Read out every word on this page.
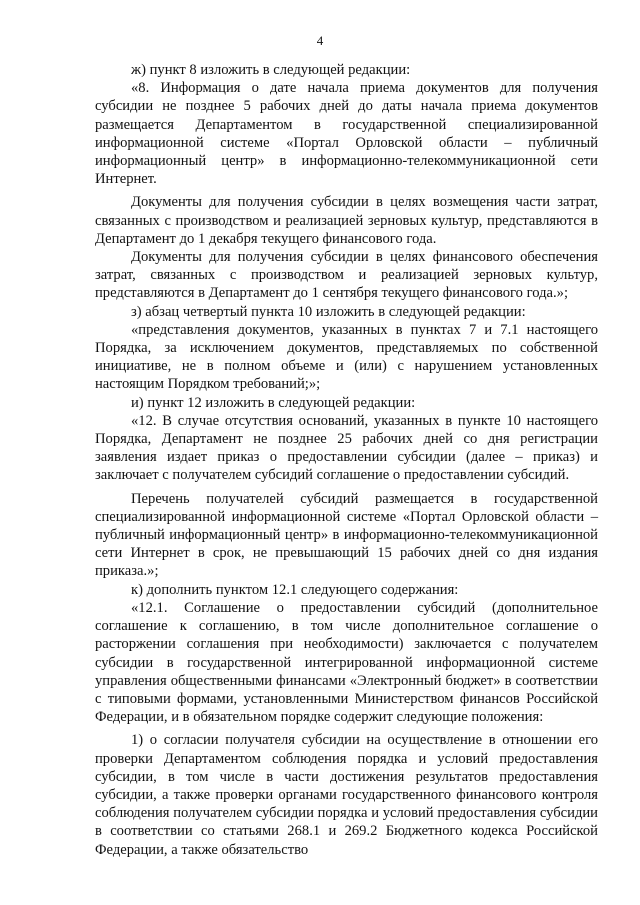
4

ж) пункт 8 изложить в следующей редакции:

«8. Информация о дате начала приема документов для получения субсидии не позднее 5 рабочих дней до даты начала приема документов размещается Департаментом в государственной специализированной информационной системе «Портал Орловской области – публичный информационный центр» в информационно-телекоммуникационной сети Интернет.

Документы для получения субсидии в целях возмещения части затрат, связанных с производством и реализацией зерновых культур, представляются в Департамент до 1 декабря текущего финансового года.

Документы для получения субсидии в целях финансового обеспечения затрат, связанных с производством и реализацией зерновых культур, представляются в Департамент до 1 сентября текущего финансового года.»;

з) абзац четвертый пункта 10 изложить в следующей редакции:

«представления документов, указанных в пунктах 7 и 7.1 настоящего Порядка, за исключением документов, представляемых по собственной инициативе, не в полном объеме и (или) с нарушением установленных настоящим Порядком требований;»;

и) пункт 12 изложить в следующей редакции:

«12. В случае отсутствия оснований, указанных в пункте 10 настоящего Порядка, Департамент не позднее 25 рабочих дней со дня регистрации заявления издает приказ о предоставлении субсидии (далее – приказ) и заключает с получателем субсидий соглашение о предоставлении субсидий.

Перечень получателей субсидий размещается в государственной специализированной информационной системе «Портал Орловской области – публичный информационный центр» в информационно-телекоммуникационной сети Интернет в срок, не превышающий 15 рабочих дней со дня издания приказа.»;

к) дополнить пунктом 12.1 следующего содержания:

«12.1. Соглашение о предоставлении субсидий (дополнительное соглашение к соглашению, в том числе дополнительное соглашение о расторжении соглашения при необходимости) заключается с получателем субсидии в государственной интегрированной информационной системе управления общественными финансами «Электронный бюджет» в соответствии с типовыми формами, установленными Министерством финансов Российской Федерации, и в обязательном порядке содержит следующие положения:

1) о согласии получателя субсидии на осуществление в отношении его проверки Департаментом соблюдения порядка и условий предоставления субсидии, в том числе в части достижения результатов предоставления субсидии, а также проверки органами государственного финансового контроля соблюдения получателем субсидии порядка и условий предоставления субсидии в соответствии со статьями 268.1 и 269.2 Бюджетного кодекса Российской Федерации, а также обязательство
